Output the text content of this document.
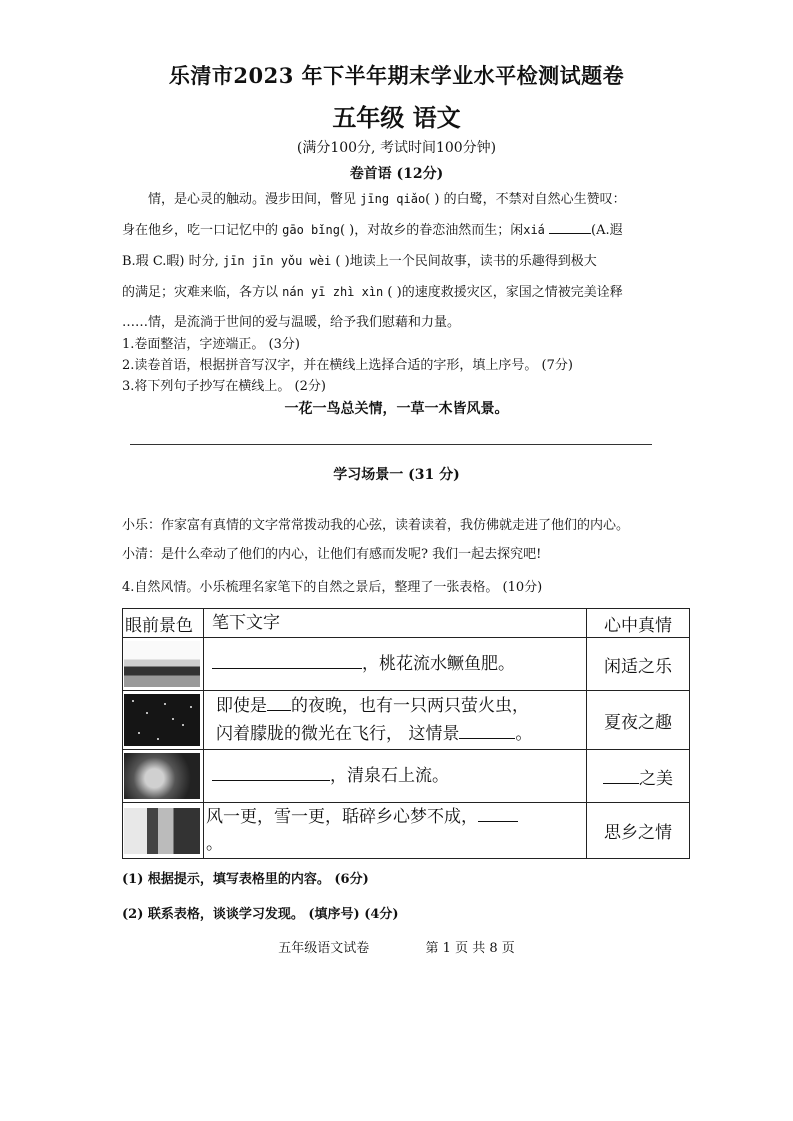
乐清市2023 年下半年期末学业水平检测试题卷
五年级 语文
(满分100分, 考试时间100分钟)
卷首语 (12分)

情，是心灵的触动。漫步田间，瞥见 jīng qiǎo( ) 的白鹭，不禁对自然心生赞叹：

身在他乡，吃一口记忆中的 gāo bǐng( )，对故乡的眷恋油然而生；闲xiá	(A.遐

B.瑕 C.暇) 时分, jīn jīn yǒu wèi ( )地读上一个民间故事，读书的乐趣得到极大

的满足；灾难来临，各方以 nán yī zhì xìn ( )的速度救援灾区，家国之情被完美诠释

……情，是流淌于世间的爱与温暖，给予我们慰藉和力量。

1.卷面整洁，字迹端正。 (3分)
2.读卷首语，根据拼音写汉字，并在横线上选择合适的字形，填上序号。 (7分)
3.将下列句子抄写在横线上。 (2分)
一花一鸟总关情，一草一木皆风景。
学习场景一 (31 分)
小乐：作家富有真情的文字常常拨动我的心弦，读着读着，我仿佛就走进了他们的内心。
小清：是什么牵动了他们的内心，让他们有感而发呢? 我们一起去探究吧!
4.自然风情。小乐梳理名家笔下的自然之景后，整理了一张表格。 (10分)
眼前景色	笔下文字	心中真情

	，桃花流水鳜鱼肥。	闲适之乐

	即使是 的夜晚，也有一只两只萤火虫，
闪着朦胧的微光在飞行， 这情景 。	夏夜之趣

	，清泉石上流。	之美

	风一更，雪一更，聒碎乡心梦不成，
。	思乡之情
(1) 根据提示，填写表格里的内容。 (6分)
(2) 联系表格，谈谈学习发现。 (填序号) (4分)
五年级语文试卷	第 1 页 共 8 页
